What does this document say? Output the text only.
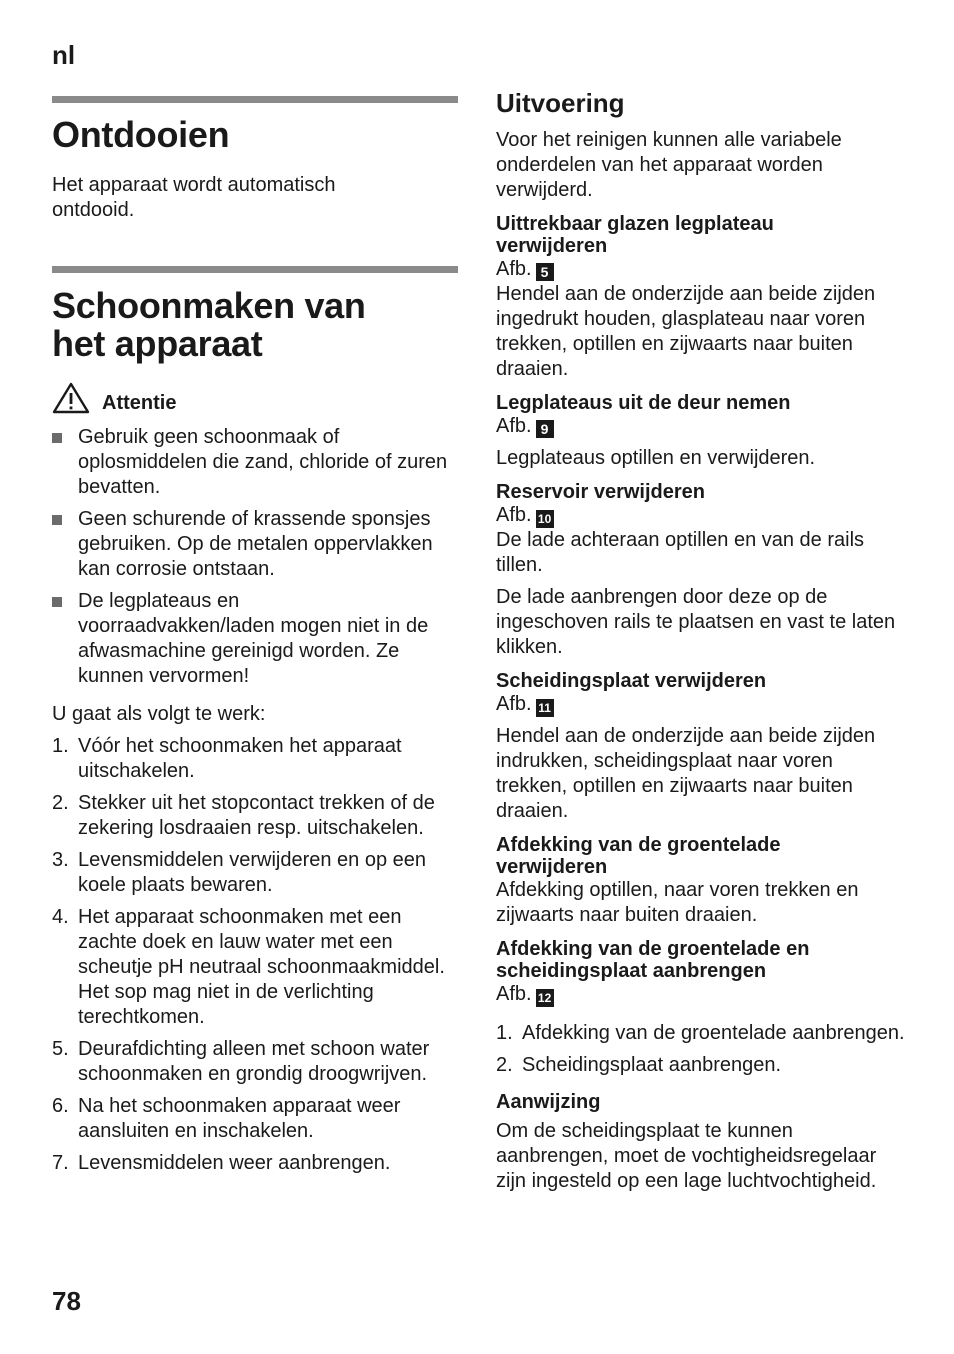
nl
Ontdooien

Het apparaat wordt automatisch ontdooid.

Schoonmaken van
het apparaat
Attentie
Gebruik geen schoonmaak of oplosmiddelen die zand, chloride of zuren bevatten.
Geen schurende of krassende sponsjes gebruiken. Op de metalen oppervlakken kan corrosie ontstaan.
De legplateaus en voorraadvakken/laden mogen niet in de afwasmachine gereinigd worden. Ze kunnen vervormen!

U gaat als volgt te werk:

1. Vóór het schoonmaken het apparaat uitschakelen.
2. Stekker uit het stopcontact trekken of de zekering losdraaien resp. uitschakelen.
3. Levensmiddelen verwijderen en op een koele plaats bewaren.
4. Het apparaat schoonmaken met een zachte doek en lauw water met een scheutje pH neutraal schoonmaakmiddel. Het sop mag niet in de verlichting terechtkomen.
5. Deurafdichting alleen met schoon water schoonmaken en grondig droogwrijven.
6. Na het schoonmaken apparaat weer aansluiten en inschakelen.
7. Levensmiddelen weer aanbrengen.
Uitvoering

Voor het reinigen kunnen alle variabele onderdelen van het apparaat worden verwijderd.

Uittrekbaar glazen legplateau
verwijderen
Afb. 5

Hendel aan de onderzijde aan beide zijden ingedrukt houden, glasplateau naar voren trekken, optillen en zijwaarts naar buiten draaien.

Legplateaus uit de deur nemen
Afb. 9

Legplateaus optillen en verwijderen.

Reservoir verwijderen
Afb. 10

De lade achteraan optillen en van de rails tillen.

De lade aanbrengen door deze op de ingeschoven rails te plaatsen en vast te laten klikken.

Scheidingsplaat verwijderen
Afb. 11

Hendel aan de onderzijde aan beide zijden indrukken, scheidingsplaat naar voren trekken, optillen en zijwaarts naar buiten draaien.

Afdekking van de groentelade
verwijderen

Afdekking optillen, naar voren trekken en zijwaarts naar buiten draaien.

Afdekking van de groentelade en
scheidingsplaat aanbrengen
Afb. 12
1. Afdekking van de groentelade aanbrengen.
2. Scheidingsplaat aanbrengen.
Aanwijzing

Om de scheidingsplaat te kunnen aanbrengen, moet de vochtigheidsregelaar zijn ingesteld op een lage luchtvochtigheid.

78
